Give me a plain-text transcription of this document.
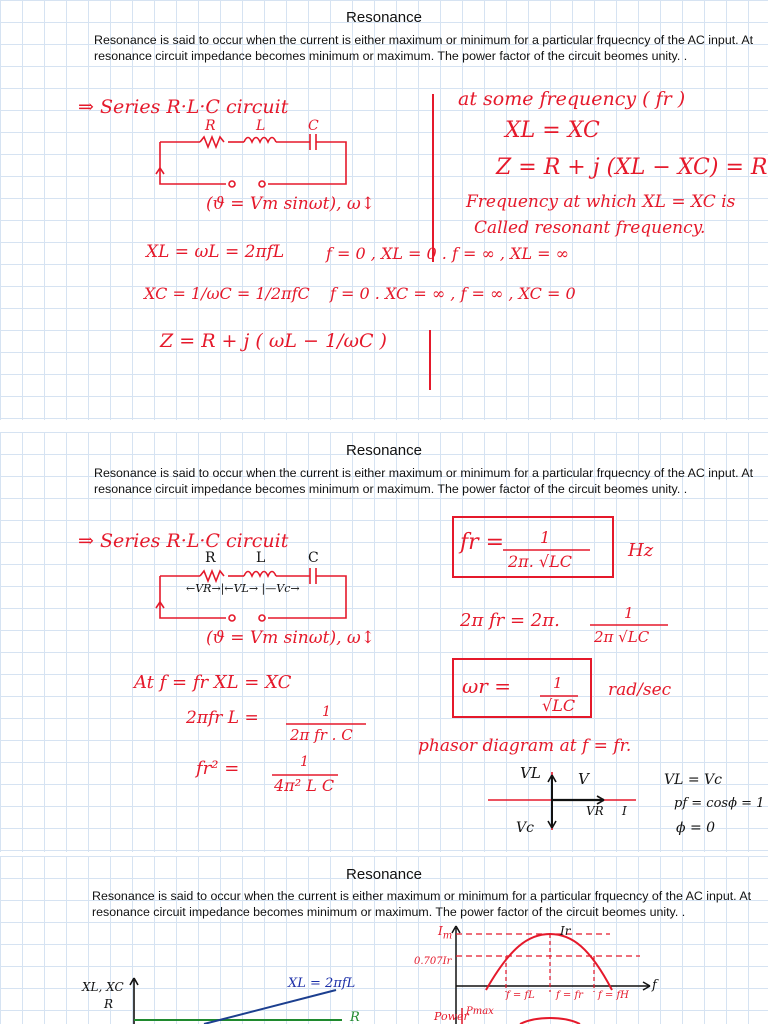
Resonance
Resonance is said to occur when the current is either maximum or minimum for a particular frquecncy of the AC input. At resonance circuit impedance becomes minimum or maximum. The power factor of the circuit beomes unity. .
⇒ Series R·L·C circuit
R	L	C
(ϑ = Vm sinωt), ω↕
at some frequency ( fr )
XL = XC
Z = R + j (XL − XC) = R
Frequency at which XL = XC is
Called resonant frequency.
XL = ωL = 2πfL	f = 0 , XL = 0 . f = ∞ , XL = ∞
XC = 1/ωC = 1/2πfC f = 0 . XC = ∞ , f = ∞ , XC = 0
Z = R + j ( ωL − 1/ωC )
Resonance
Resonance is said to occur when the current is either maximum or minimum for a particular frquecncy of the AC input. At resonance circuit impedance becomes minimum or maximum. The power factor of the circuit beomes unity. .
⇒ Series R·L·C circuit
R	L	C
←VR→|←VL→ |—Vc→
(ϑ = Vm sinωt), ω↕
fr = 1
2π. √LC
Hz
2π fr = 2π.	1
2π √LC
ωr =	1
√LC
rad/sec
At f = fr XL = XC
2πfr L =	1
2π fr . C
fr² =	1
4π² L C
phasor diagram at f = fr.
VL V
VR I
Vc
VL = Vc
pf = cosϕ = 1
ϕ = 0
Resonance
Resonance is said to occur when the current is either maximum or minimum for a particular frquecncy of the AC input. At resonance circuit impedance becomes minimum or maximum. The power factor of the circuit beomes unity. .
XL, XC
R
XL = 2πfL
R
$I_m$	Ir
0.707Ir
f
f = fL f = fr f = fH
Power
Pmax
